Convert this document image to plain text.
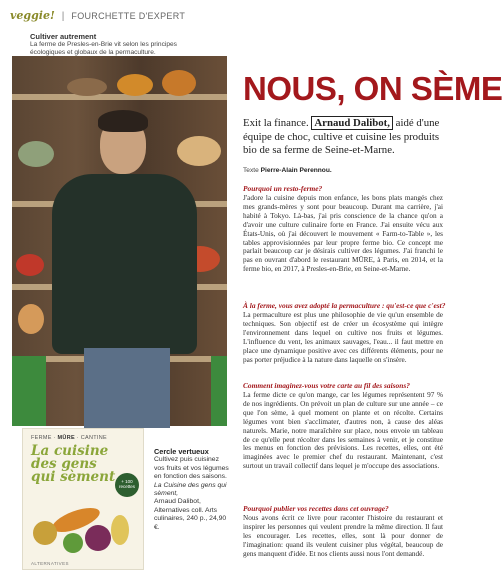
veggie! | FOURCHETTE D'EXPERT
Cultiver autrement
La ferme de Presles-en-Brie vit selon les principes écologiques et globaux de la permaculture.
FERME · MŪRE · CANTINE
La cuisine des gens qui sèment	+ 100 recettes
ALTERNATIVES
Cercle vertueux
Cultivez puis cuisinez vos fruits et vos légumes en fonction des saisons.
La Cuisine des gens qui sèment,
Arnaud Dalibot, Alternatives coll. Arts culinaires, 240 p., 24,90 €.
NOUS, ON SÈME
Exit la finance. Arnaud Dalibot, aidé d'une équipe de choc, cultive et cuisine les produits bio de sa ferme de Seine-et-Marne.
Texte Pierre-Alain Perennou.
Pourquoi un resto-ferme?
J'adore la cuisine depuis mon enfance, les bons plats mangés chez mes grands-mères y sont pour beaucoup. Durant ma carrière, j'ai habité à Tokyo. Là-bas, j'ai pris conscience de la chance qu'on a d'avoir une culture culinaire forte en France. J'ai ensuite vécu aux États-Unis, où j'ai découvert le mouvement « Farm-to-Table », les tables approvisionnées par leur propre ferme bio. Ce concept me parlait beaucoup car je désirais cultiver des légumes. J'ai franchi le pas en ouvrant d'abord le restaurant MŪRE, à Paris, en 2014, et la ferme bio, en 2017, à Presles-en-Brie, en Seine-et-Marne.
À la ferme, vous avez adopté la permaculture : qu'est-ce que c'est?
La permaculture est plus une philosophie de vie qu'un ensemble de techniques. Son objectif est de créer un écosystème qui intègre l'environnement dans lequel on cultive nos fruits et légumes. L'influence du vent, les animaux sauvages, l'eau... il faut mettre en place une dynamique positive avec ces différents éléments, pour ne pas porter préjudice à la nature dans laquelle on s'insère.
Comment imaginez-vous votre carte au fil des saisons?
La ferme dicte ce qu'on mange, car les légumes représentent 97 % de nos ingrédients. On prévoit un plan de culture sur une année – ce que l'on sème, à quel moment on plante et on récolte. Certains légumes vont bien s'acclimater, d'autres non, à cause des aléas naturels. Marie, notre maraîchère sur place, nous envoie un tableau de ce qu'elle peut récolter dans les semaines à venir, et je constitue les menus en fonction des prévisions. Les recettes, elles, ont été imaginées avec le premier chef du restaurant. Maintenant, c'est surtout un travail collectif dans lequel je m'occupe des associations.
Pourquoi publier vos recettes dans cet ouvrage?
Nous avons écrit ce livre pour raconter l'histoire du restaurant et inspirer les personnes qui veulent prendre la même direction. Il faut les encourager. Les recettes, elles, sont là pour donner de l'imagination: quand ils veulent cuisiner plus végétal, beaucoup de gens manquent d'idée. Et nos clients aussi nous l'ont demandé.
